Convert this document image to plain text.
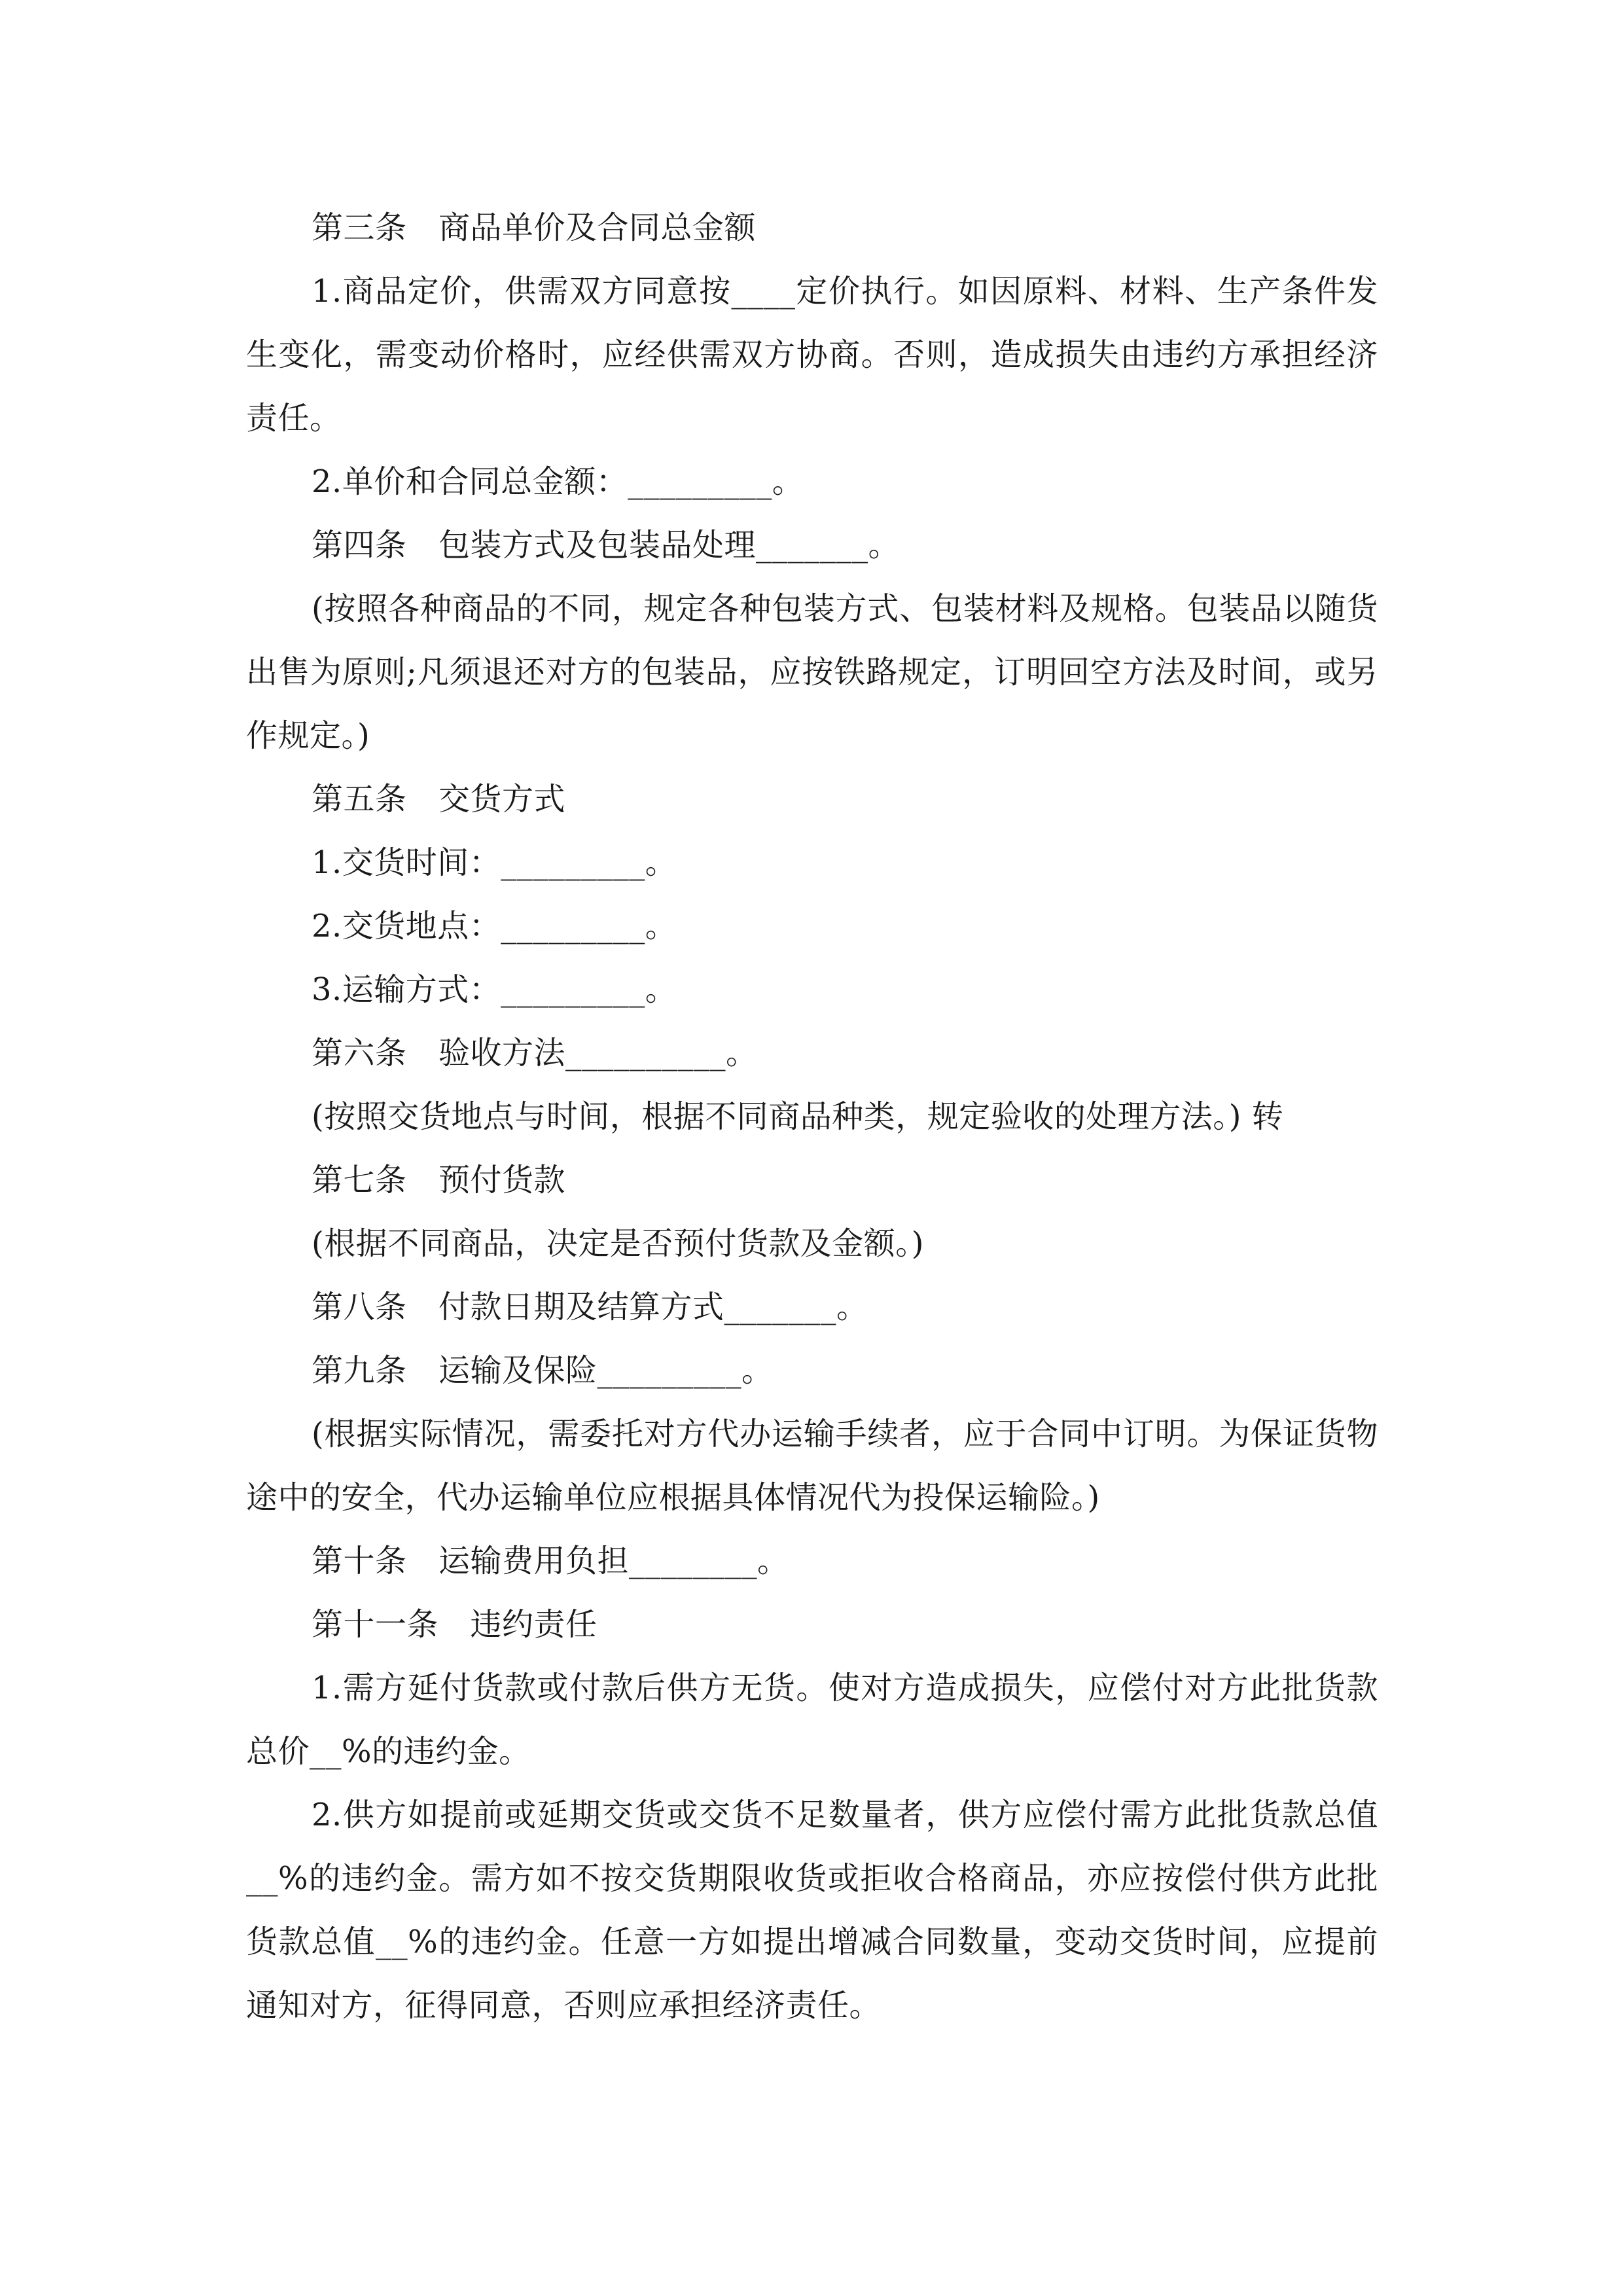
第三条　商品单价及合同总金额

1.商品定价，供需双方同意按____定价执行。如因原料、材料、生产条件发生变化，需变动价格时，应经供需双方协商。否则，造成损失由违约方承担经济责任。

2.单价和合同总金额：_________。

第四条　包装方式及包装品处理_______。

(按照各种商品的不同，规定各种包装方式、包装材料及规格。包装品以随货出售为原则;凡须退还对方的包装品，应按铁路规定，订明回空方法及时间，或另作规定。)

第五条　交货方式

1.交货时间：_________。

2.交货地点：_________。

3.运输方式：_________。

第六条　验收方法__________。

(按照交货地点与时间，根据不同商品种类，规定验收的处理方法。) 转

第七条　预付货款

(根据不同商品，决定是否预付货款及金额。)

第八条　付款日期及结算方式_______。

第九条　运输及保险_________。

(根据实际情况，需委托对方代办运输手续者，应于合同中订明。为保证货物途中的安全，代办运输单位应根据具体情况代为投保运输险。)

第十条　运输费用负担________。

第十一条　违约责任

1.需方延付货款或付款后供方无货。使对方造成损失，应偿付对方此批货款总价__%的违约金。

2.供方如提前或延期交货或交货不足数量者，供方应偿付需方此批货款总值__%的违约金。需方如不按交货期限收货或拒收合格商品，亦应按偿付供方此批货款总值__%的违约金。任意一方如提出增减合同数量，变动交货时间，应提前通知对方，征得同意，否则应承担经济责任。
